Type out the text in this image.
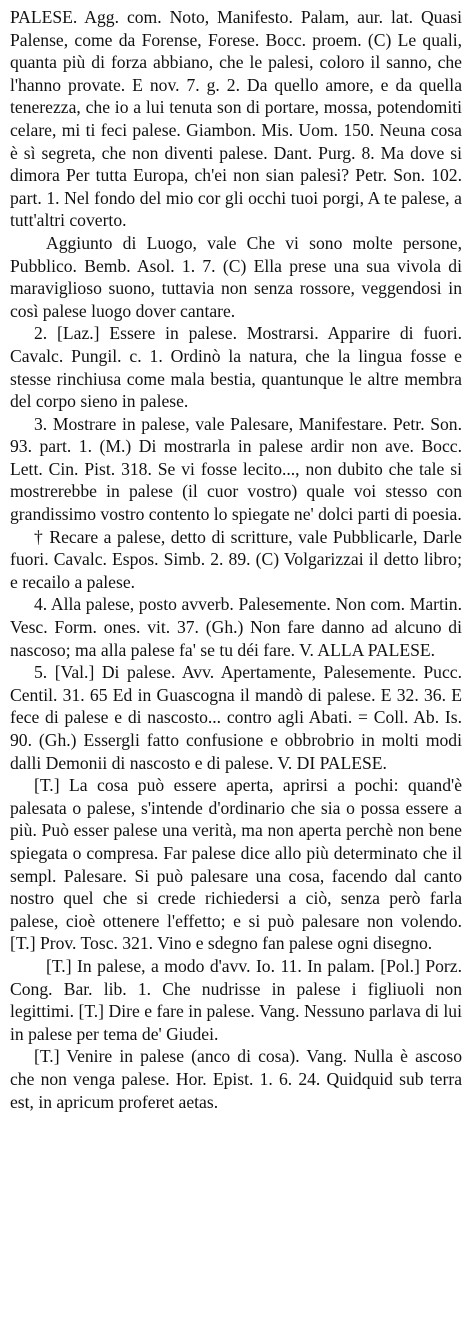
PALESE. Agg. com. Noto, Manifesto. Palam, aur. lat. Quasi Palense, come da Forense, Forese. Bocc. proem. (C) Le quali, quanta più di forza abbiano, che le palesi, coloro il sanno, che l'hanno provate. E nov. 7. g. 2. Da quello amore, e da quella tenerezza, che io a lui tenuta son di portare, mossa, potendomiti celare, mi ti feci palese. Giambon. Mis. Uom. 150. Neuna cosa è sì segreta, che non diventi palese. Dant. Purg. 8. Ma dove si dimora Per tutta Europa, ch'ei non sian palesi? Petr. Son. 102. part. 1. Nel fondo del mio cor gli occhi tuoi porgi, A te palese, a tutt'altri coverto.

Aggiunto di Luogo, vale Che vi sono molte persone, Pubblico. Bemb. Asol. 1. 7. (C) Ella prese una sua vivola di maraviglioso suono, tuttavia non senza rossore, veggendosi in così palese luogo dover cantare.

2. [Laz.] Essere in palese. Mostrarsi. Apparire di fuori. Cavalc. Pungil. c. 1. Ordinò la natura, che la lingua fosse e stesse rinchiusa come mala bestia, quantunque le altre membra del corpo sieno in palese.

3. Mostrare in palese, vale Palesare, Manifestare. Petr. Son. 93. part. 1. (M.) Di mostrarla in palese ardir non ave. Bocc. Lett. Cin. Pist. 318. Se vi fosse lecito..., non dubito che tale si mostrerebbe in palese (il cuor vostro) quale voi stesso con grandissimo vostro contento lo spiegate ne' dolci parti di poesia.

† Recare a palese, detto di scritture, vale Pubblicarle, Darle fuori. Cavalc. Espos. Simb. 2. 89. (C) Volgarizzai il detto libro; e recailo a palese.

4. Alla palese, posto avverb. Palesemente. Non com. Martin. Vesc. Form. ones. vit. 37. (Gh.) Non fare danno ad alcuno di nascoso; ma alla palese fa' se tu déi fare. V. ALLA PALESE.

5. [Val.] Di palese. Avv. Apertamente, Palesemente. Pucc. Centil. 31. 65 Ed in Guascogna il mandò di palese. E 32. 36. E fece di palese e di nascosto... contro agli Abati. = Coll. Ab. Is. 90. (Gh.) Essergli fatto confusione e obbrobrio in molti modi dalli Demonii di nascosto e di palese. V. DI PALESE.

[T.] La cosa può essere aperta, aprirsi a pochi: quand'è palesata o palese, s'intende d'ordinario che sia o possa essere a più. Può esser palese una verità, ma non aperta perchè non bene spiegata o compresa. Far palese dice allo più determinato che il sempl. Palesare. Si può palesare una cosa, facendo dal canto nostro quel che si crede richiedersi a ciò, senza però farla palese, cioè ottenere l'effetto; e si può palesare non volendo. [T.] Prov. Tosc. 321. Vino e sdegno fan palese ogni disegno.

[T.] In palese, a modo d'avv. Io. 11. In palam. [Pol.] Porz. Cong. Bar. lib. 1. Che nudrisse in palese i figliuoli non legittimi. [T.] Dire e fare in palese. Vang. Nessuno parlava di lui in palese per tema de' Giudei.

[T.] Venire in palese (anco di cosa). Vang. Nulla è ascoso che non venga palese. Hor. Epist. 1. 6. 24. Quidquid sub terra est, in apricum proferet aetas.
